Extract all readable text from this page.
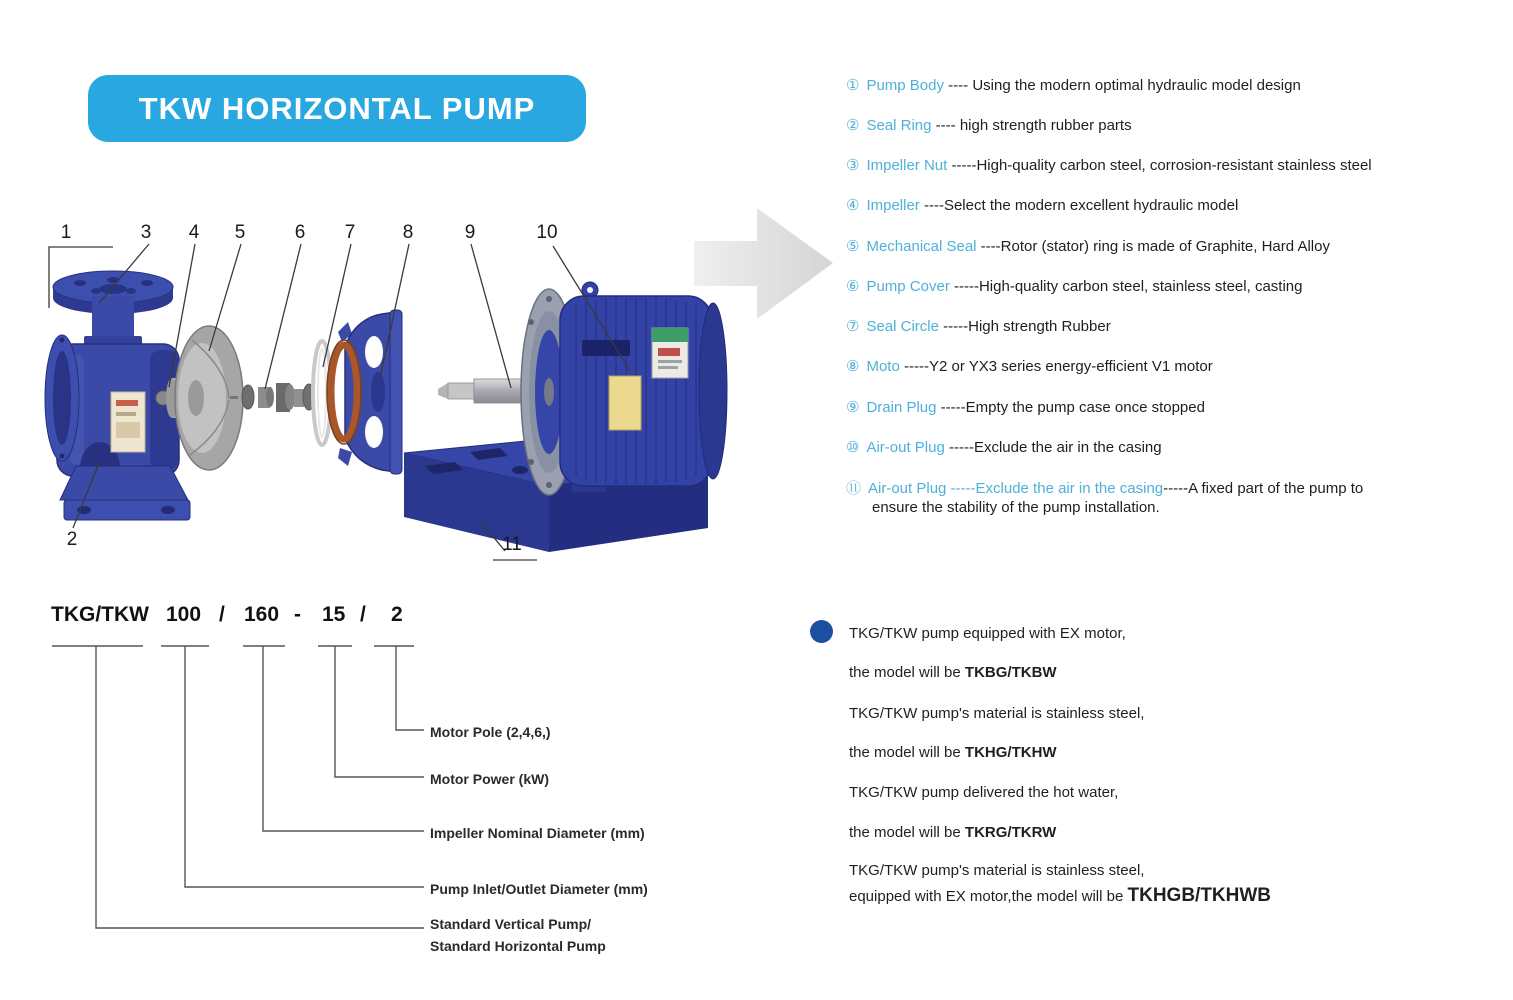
TKW HORIZONTAL PUMP
1
2
3 4 5	6 7 8	9	10
11
① Pump Body ---- Using the modern optimal hydraulic model design
② Seal Ring ---- high strength rubber parts
③ Impeller Nut -----High-quality carbon steel, corrosion-resistant stainless steel
④ Impeller ----Select the modern excellent hydraulic model
⑤ Mechanical Seal ----Rotor (stator) ring is made of Graphite, Hard Alloy
⑥ Pump Cover -----High-quality carbon steel, stainless steel, casting
⑦ Seal Circle -----High strength Rubber
⑧ Moto -----Y2 or YX3 series energy-efficient V1 motor
⑨ Drain Plug -----Empty the pump case once stopped
⑩ Air-out Plug -----Exclude the air in the casing
⑪ Air-out Plug -----Exclude the air in the casing-----A fixed part of the pump to
ensure the stability of the pump installation.
TKG/TKW 100 / 160 - 15 / 2
Motor Pole (2,4,6,)
Motor Power (kW)
Impeller Nominal Diameter (mm)
Pump Inlet/Outlet Diameter (mm)
Standard Vertical Pump/
Standard Horizontal Pump
TKG/TKW pump equipped with EX motor,
the model will be TKBG/TKBW
TKG/TKW pump's material is stainless steel,
the model will be TKHG/TKHW
TKG/TKW pump delivered the hot water,
the model will be TKRG/TKRW
TKG/TKW pump's material is stainless steel,
equipped with EX motor,the model will be TKHGB/TKHWB
